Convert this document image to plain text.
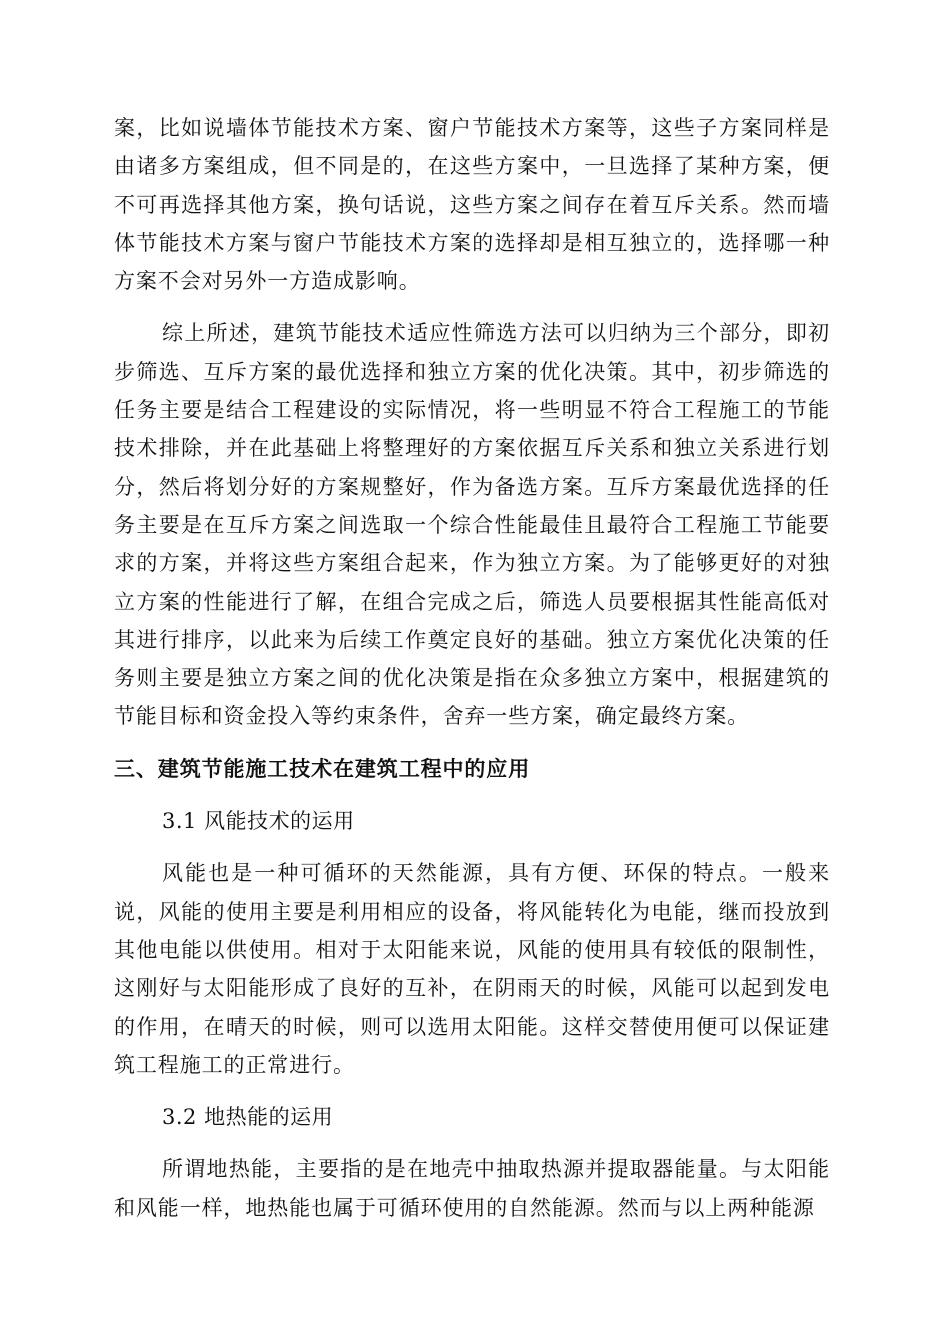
案，比如说墙体节能技术方案、窗户节能技术方案等，这些子方案同样是由诸多方案组成，但不同是的，在这些方案中，一旦选择了某种方案，便不可再选择其他方案，换句话说，这些方案之间存在着互斥关系。然而墙体节能技术方案与窗户节能技术方案的选择却是相互独立的，选择哪一种方案不会对另外一方造成影响。

综上所述，建筑节能技术适应性筛选方法可以归纳为三个部分，即初步筛选、互斥方案的最优选择和独立方案的优化决策。其中，初步筛选的任务主要是结合工程建设的实际情况，将一些明显不符合工程施工的节能技术排除，并在此基础上将整理好的方案依据互斥关系和独立关系进行划分，然后将划分好的方案规整好，作为备选方案。互斥方案最优选择的任务主要是在互斥方案之间选取一个综合性能最佳且最符合工程施工节能要求的方案，并将这些方案组合起来，作为独立方案。为了能够更好的对独立方案的性能进行了解，在组合完成之后，筛选人员要根据其性能高低对其进行排序，以此来为后续工作奠定良好的基础。独立方案优化决策的任务则主要是独立方案之间的优化决策是指在众多独立方案中，根据建筑的节能目标和资金投入等约束条件，舍弃一些方案，确定最终方案。

三、建筑节能施工技术在建筑工程中的应用
3.1 风能技术的运用

风能也是一种可循环的天然能源，具有方便、环保的特点。一般来说，风能的使用主要是利用相应的设备，将风能转化为电能，继而投放到其他电能以供使用。相对于太阳能来说，风能的使用具有较低的限制性，这刚好与太阳能形成了良好的互补，在阴雨天的时候，风能可以起到发电的作用，在晴天的时候，则可以选用太阳能。这样交替使用便可以保证建筑工程施工的正常进行。

3.2 地热能的运用

所谓地热能，主要指的是在地壳中抽取热源并提取器能量。与太阳能和风能一样，地热能也属于可循环使用的自然能源。然而与以上两种能源
